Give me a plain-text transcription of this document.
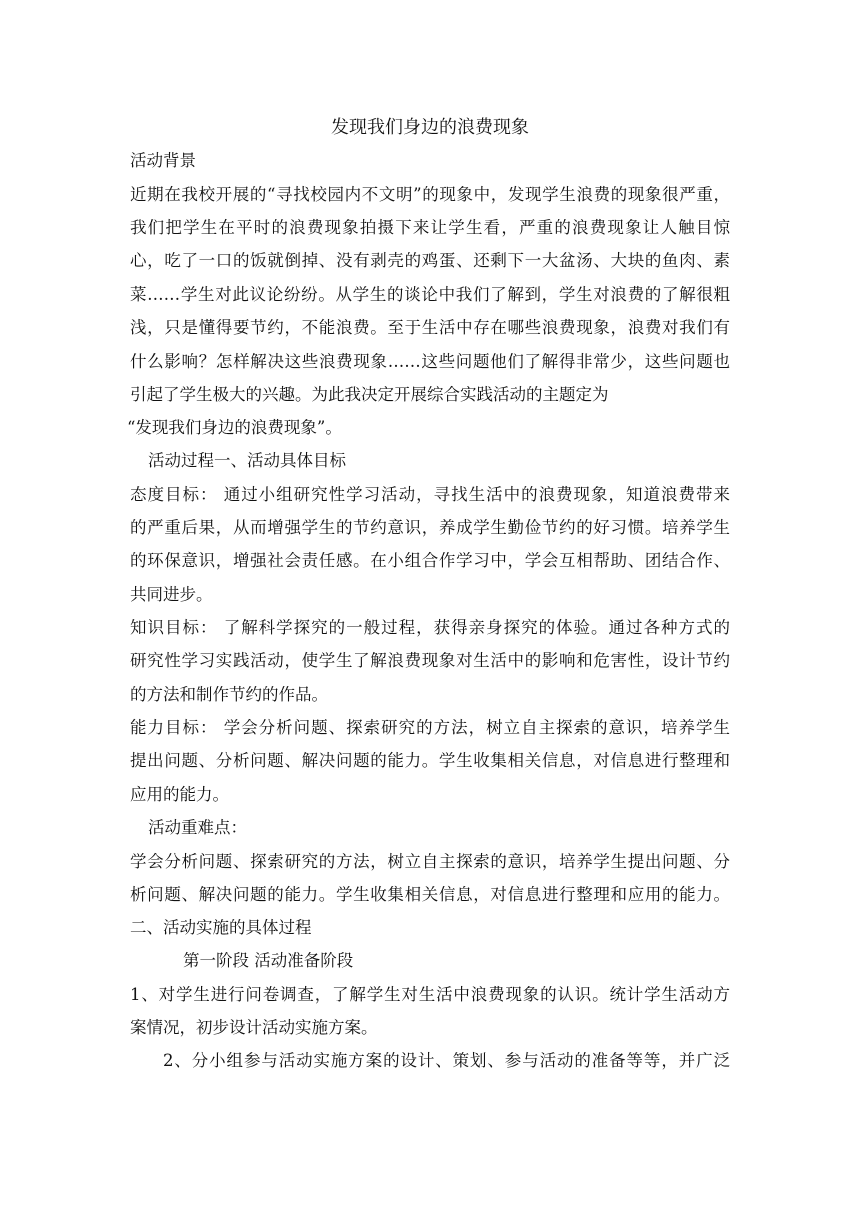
发现我们身边的浪费现象
活动背景
近期在我校开展的“寻找校园内不文明”的现象中，发现学生浪费的现象很严重，
我们把学生在平时的浪费现象拍摄下来让学生看，严重的浪费现象让人触目惊
心，吃了一口的饭就倒掉、没有剥壳的鸡蛋、还剩下一大盆汤、大块的鱼肉、素
菜……学生对此议论纷纷。从学生的谈论中我们了解到，学生对浪费的了解很粗
浅，只是懂得要节约，不能浪费。至于生活中存在哪些浪费现象，浪费对我们有
什么影响？怎样解决这些浪费现象……这些问题他们了解得非常少，这些问题也
引起了学生极大的兴趣。为此我决定开展综合实践活动的主题定为
“发现我们身边的浪费现象”。
活动过程一、活动具体目标
态度目标： 通过小组研究性学习活动，寻找生活中的浪费现象，知道浪费带来
的严重后果，从而增强学生的节约意识，养成学生勤俭节约的好习惯。培养学生
的环保意识，增强社会责任感。在小组合作学习中，学会互相帮助、团结合作、
共同进步。
知识目标： 了解科学探究的一般过程，获得亲身探究的体验。通过各种方式的
研究性学习实践活动，使学生了解浪费现象对生活中的影响和危害性，设计节约
的方法和制作节约的作品。
能力目标： 学会分析问题、探索研究的方法，树立自主探索的意识，培养学生
提出问题、分析问题、解决问题的能力。学生收集相关信息，对信息进行整理和
应用的能力。
活动重难点：
学会分析问题、探索研究的方法，树立自主探索的意识，培养学生提出问题、分
析问题、解决问题的能力。学生收集相关信息，对信息进行整理和应用的能力。
二、活动实施的具体过程
第一阶段 活动准备阶段
1、对学生进行问卷调查，了解学生对生活中浪费现象的认识。统计学生活动方
案情况，初步设计活动实施方案。
2、分小组参与活动实施方案的设计、策划、参与活动的准备等等，并广泛
